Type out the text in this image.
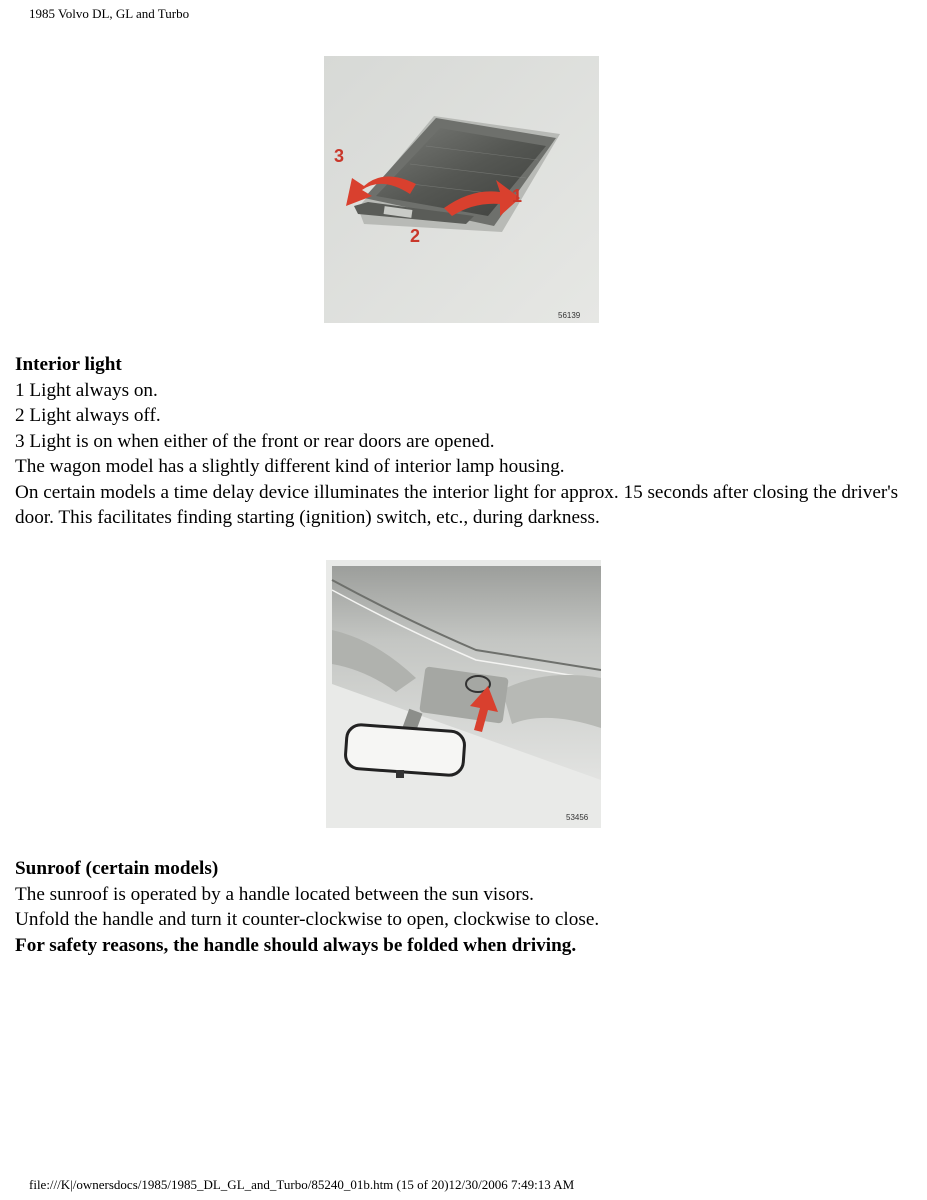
1985 Volvo DL, GL and Turbo
3
1
2
56139

Interior light

1 Light always on.

2 Light always off.

3 Light is on when either of the front or rear doors are opened.

The wagon model has a slightly different kind of interior lamp housing.

On certain models a time delay device illuminates the interior light for approx. 15 seconds after closing the driver's door. This facilitates finding starting (ignition) switch, etc., during darkness.

53456

Sunroof (certain models)

The sunroof is operated by a handle located between the sun visors.

Unfold the handle and turn it counter-clockwise to open, clockwise to close.

For safety reasons, the handle should always be folded when driving.

file:///K|/ownersdocs/1985/1985_DL_GL_and_Turbo/85240_01b.htm (15 of 20)12/30/2006 7:49:13 AM
